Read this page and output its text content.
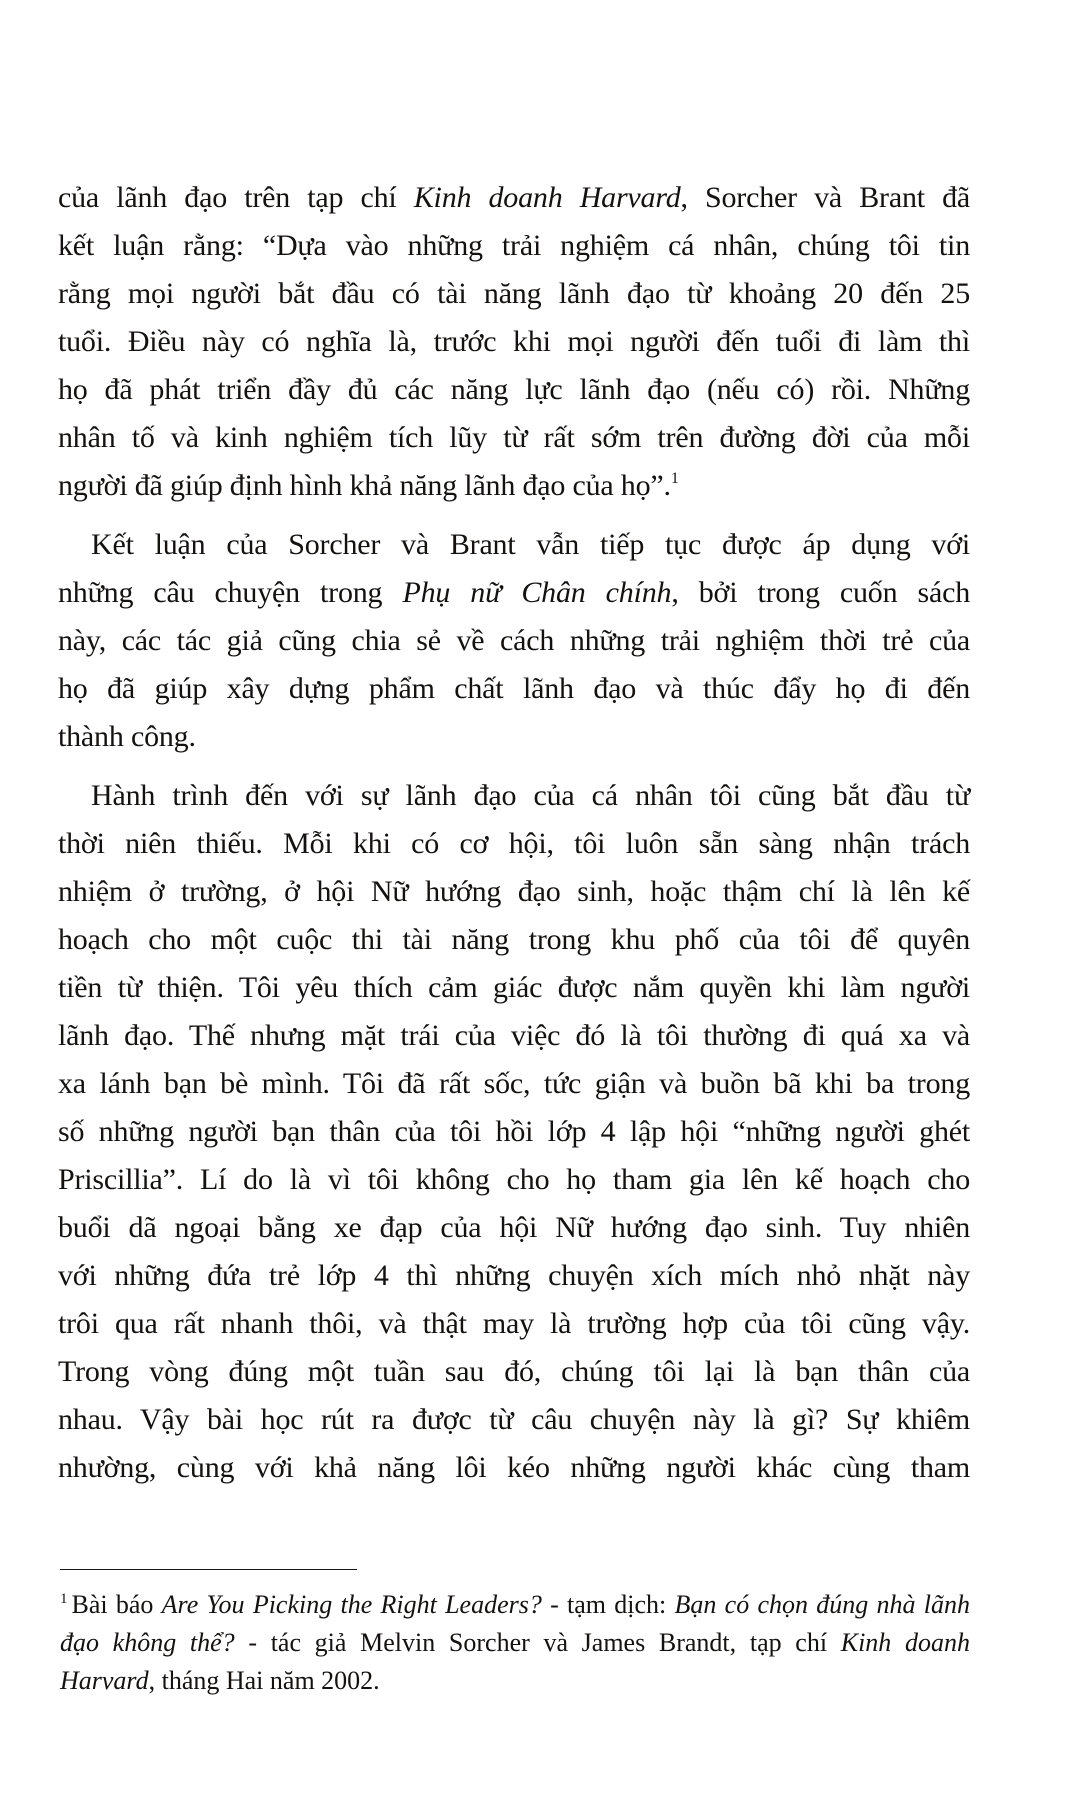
của lãnh đạo trên tạp chí Kinh doanh Harvard, Sorcher và Brant đã
kết luận rằng: “Dựa vào những trải nghiệm cá nhân, chúng tôi tin
rằng mọi người bắt đầu có tài năng lãnh đạo từ khoảng 20 đến 25
tuổi. Điều này có nghĩa là, trước khi mọi người đến tuổi đi làm thì
họ đã phát triển đầy đủ các năng lực lãnh đạo (nếu có) rồi. Những
nhân tố và kinh nghiệm tích lũy từ rất sớm trên đường đời của mỗi
người đã giúp định hình khả năng lãnh đạo của họ”.$^1$

Kết luận của Sorcher và Brant vẫn tiếp tục được áp dụng với
những câu chuyện trong Phụ nữ Chân chính, bởi trong cuốn sách
này, các tác giả cũng chia sẻ về cách những trải nghiệm thời trẻ của
họ đã giúp xây dựng phẩm chất lãnh đạo và thúc đẩy họ đi đến
thành công.

Hành trình đến với sự lãnh đạo của cá nhân tôi cũng bắt đầu từ
thời niên thiếu. Mỗi khi có cơ hội, tôi luôn sẵn sàng nhận trách
nhiệm ở trường, ở hội Nữ hướng đạo sinh, hoặc thậm chí là lên kế
hoạch cho một cuộc thi tài năng trong khu phố của tôi để quyên
tiền từ thiện. Tôi yêu thích cảm giác được nắm quyền khi làm người
lãnh đạo. Thế nhưng mặt trái của việc đó là tôi thường đi quá xa và
xa lánh bạn bè mình. Tôi đã rất sốc, tức giận và buồn bã khi ba trong
số những người bạn thân của tôi hồi lớp 4 lập hội “những người ghét
Priscillia”. Lí do là vì tôi không cho họ tham gia lên kế hoạch cho
buổi dã ngoại bằng xe đạp của hội Nữ hướng đạo sinh. Tuy nhiên
với những đứa trẻ lớp 4 thì những chuyện xích mích nhỏ nhặt này
trôi qua rất nhanh thôi, và thật may là trường hợp của tôi cũng vậy.
Trong vòng đúng một tuần sau đó, chúng tôi lại là bạn thân của
nhau. Vậy bài học rút ra được từ câu chuyện này là gì? Sự khiêm
nhường, cùng với khả năng lôi kéo những người khác cùng tham

$^1$ Bài báo Are You Picking the Right Leaders? - tạm dịch: Bạn có chọn đúng nhà lãnh
đạo không thể? - tác giả Melvin Sorcher và James Brandt, tạp chí Kinh doanh
Harvard, tháng Hai năm 2002.
